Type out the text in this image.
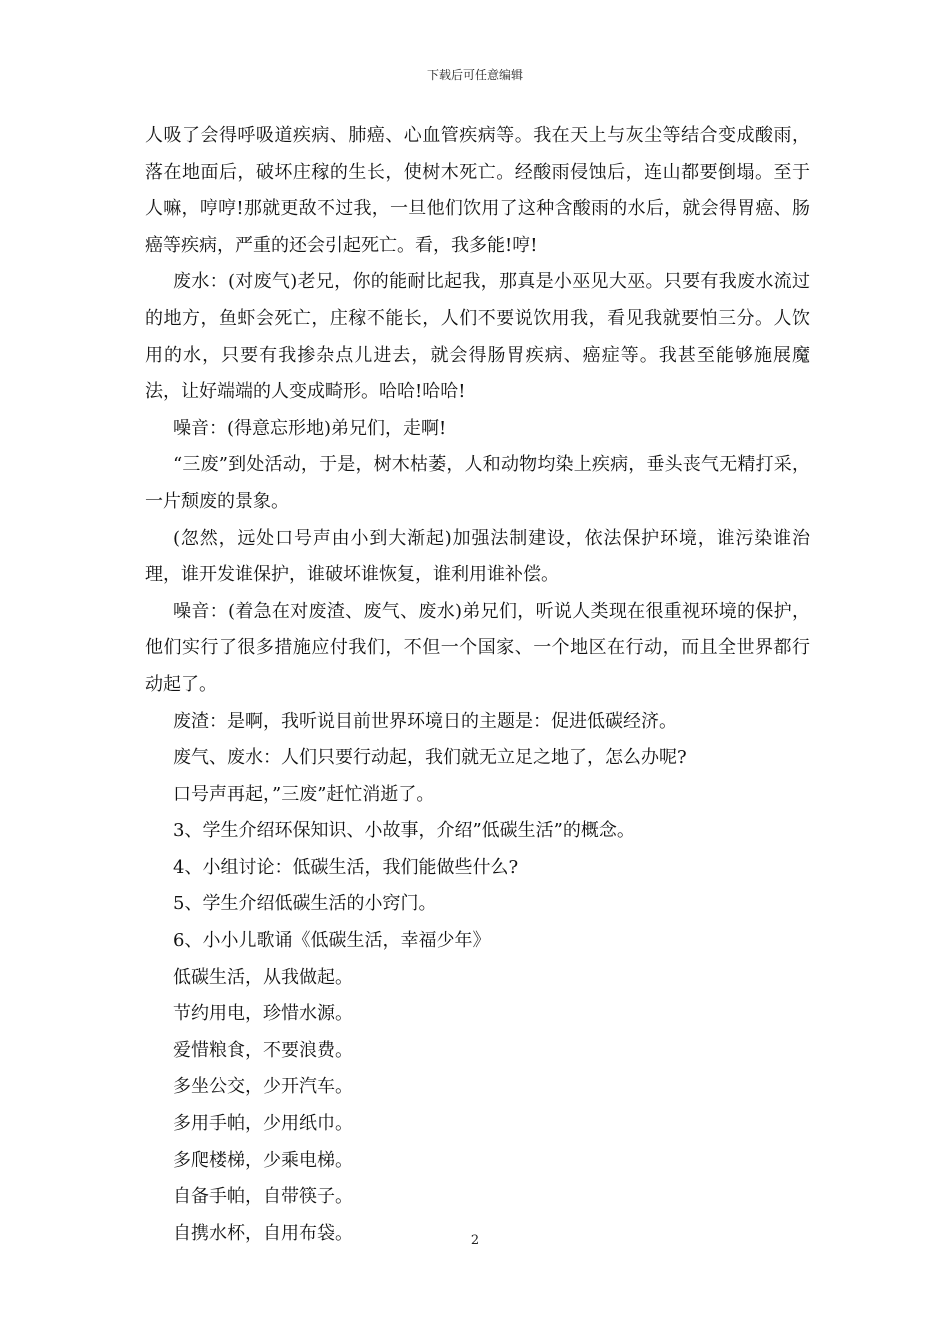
下载后可任意编辑

人吸了会得呼吸道疾病、肺癌、心血管疾病等。我在天上与灰尘等结合变成酸雨，落在地面后，破坏庄稼的生长，使树木死亡。经酸雨侵蚀后，连山都要倒塌。至于人嘛，哼哼!那就更敌不过我，一旦他们饮用了这种含酸雨的水后，就会得胃癌、肠癌等疾病，严重的还会引起死亡。看，我多能!哼!

废水：(对废气)老兄，你的能耐比起我，那真是小巫见大巫。只要有我废水流过的地方，鱼虾会死亡，庄稼不能长，人们不要说饮用我，看见我就要怕三分。人饮用的水，只要有我掺杂点儿进去，就会得肠胃疾病、癌症等。我甚至能够施展魔法，让好端端的人变成畸形。哈哈!哈哈!

噪音：(得意忘形地)弟兄们，走啊!

“三废”到处活动，于是，树木枯萎，人和动物均染上疾病，垂头丧气无精打采，一片颓废的景象。

(忽然，远处口号声由小到大渐起)加强法制建设，依法保护环境，谁污染谁治理，谁开发谁保护，谁破坏谁恢复，谁利用谁补偿。

噪音：(着急在对废渣、废气、废水)弟兄们，听说人类现在很重视环境的保护，他们实行了很多措施应付我们，不但一个国家、一个地区在行动，而且全世界都行动起了。

废渣：是啊，我听说目前世界环境日的主题是：促进低碳经济。

废气、废水：人们只要行动起，我们就无立足之地了，怎么办呢?

口号声再起，”三废”赶忙消逝了。

3、学生介绍环保知识、小故事，介绍”低碳生活”的概念。

4、小组讨论：低碳生活，我们能做些什么?

5、学生介绍低碳生活的小窍门。

6、小小儿歌诵《低碳生活，幸福少年》

低碳生活，从我做起。

节约用电，珍惜水源。

爱惜粮食，不要浪费。

多坐公交，少开汽车。

多用手帕，少用纸巾。

多爬楼梯，少乘电梯。

自备手帕，自带筷子。

自携水杯，自用布袋。	2
